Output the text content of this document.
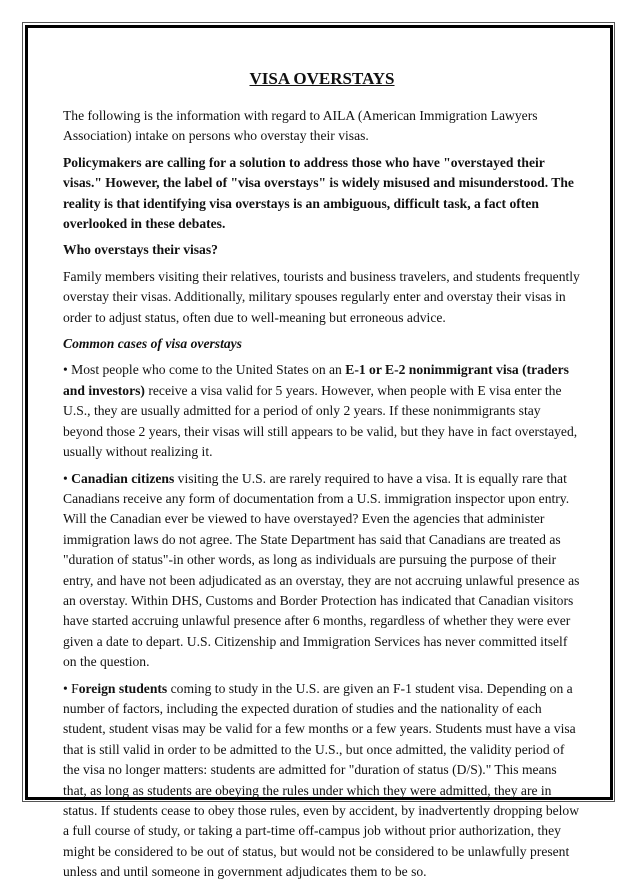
VISA OVERSTAYS

The following is the information with regard to AILA (American Immigration Lawyers Association) intake on persons who overstay their visas.

Policymakers are calling for a solution to address those who have "overstayed their visas." However, the label of "visa overstays" is widely misused and misunderstood. The reality is that identifying visa overstays is an ambiguous, difficult task, a fact often overlooked in these debates.

Who overstays their visas?

Family members visiting their relatives, tourists and business travelers, and students frequently overstay their visas. Additionally, military spouses regularly enter and overstay their visas in order to adjust status, often due to well-meaning but erroneous advice.

Common cases of visa overstays

• Most people who come to the United States on an E-1 or E-2 nonimmigrant visa (traders and investors) receive a visa valid for 5 years. However, when people with E visa enter the U.S., they are usually admitted for a period of only 2 years. If these nonimmigrants stay beyond those 2 years, their visas will still appears to be valid, but they have in fact overstayed, usually without realizing it.

• Canadian citizens visiting the U.S. are rarely required to have a visa. It is equally rare that Canadians receive any form of documentation from a U.S. immigration inspector upon entry. Will the Canadian ever be viewed to have overstayed? Even the agencies that administer immigration laws do not agree. The State Department has said that Canadians are treated as "duration of status"-in other words, as long as individuals are pursuing the purpose of their entry, and have not been adjudicated as an overstay, they are not accruing unlawful presence as an overstay. Within DHS, Customs and Border Protection has indicated that Canadian visitors have started accruing unlawful presence after 6 months, regardless of whether they were ever given a date to depart. U.S. Citizenship and Immigration Services has never committed itself on the question.

• Foreign students coming to study in the U.S. are given an F-1 student visa. Depending on a number of factors, including the expected duration of studies and the nationality of each student, student visas may be valid for a few months or a few years. Students must have a visa that is still valid in order to be admitted to the U.S., but once admitted, the validity period of the visa no longer matters: students are admitted for "duration of status (D/S)." This means that, as long as students are obeying the rules under which they were admitted, they are in status. If students cease to obey those rules, even by accident, by inadvertently dropping below a full course of study, or taking a part-time off-campus job without prior authorization, they might be considered to be out of status, but would not be considered to be unlawfully present unless and until someone in government adjudicates them to be so.
